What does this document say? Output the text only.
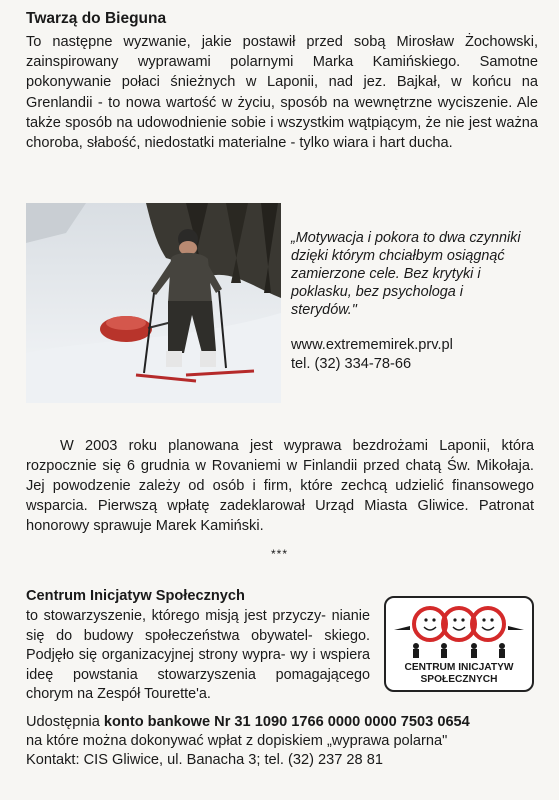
Twarzą do Bieguna
To następne wyzwanie, jakie postawił przed sobą Mirosław Żochowski, zainspirowany wyprawami polarnymi Marka Kamińskiego. Samotne pokonywanie połaci śnieżnych w Laponii, nad jez. Bajkał, w końcu na Grenlandii - to nowa wartość w życiu, sposób na wewnętrzne wyciszenie. Ale także sposób na udowodnienie sobie i wszystkim wątpiącym, że nie jest ważna choroba, słabość, niedostatki materialne - tylko wiara i hart ducha.
„Motywacja i pokora to dwa czynniki dzięki którym chciałbym osiągnąć zamierzone cele. Bez krytyki i poklasku, bez psychologa i sterydów."
www.extrememirek.prv.pl
tel. (32) 334-78-66
W 2003 roku planowana jest wyprawa bezdrożami Laponii, która rozpocznie się 6 grudnia w Rovaniemi w Finlandii przed chatą Św. Mikołaja. Jej powodzenie zależy od osób i firm, które zechcą udzielić finansowego wsparcia. Pierwszą wpłatę zadeklarował Urząd Miasta Gliwice. Patronat honorowy sprawuje Marek Kamiński.
***
Centrum Inicjatyw Społecznych
to stowarzyszenie, którego misją jest przyczy- nianie się do budowy społeczeństwa obywatel- skiego. Podjęło się organizacyjnej strony wypra- wy i wspiera ideę powstania stowarzyszenia pomagającego chorym na Zespół Tourette'a.
CENTRUM INICJATYW
SPOŁECZNYCH
Udostępnia konto bankowe Nr 31 1090 1766 0000 0000 7503 0654
na które można dokonywać wpłat z dopiskiem „wyprawa polarna"
Kontakt: CIS Gliwice, ul. Banacha 3; tel. (32) 237 28 81
